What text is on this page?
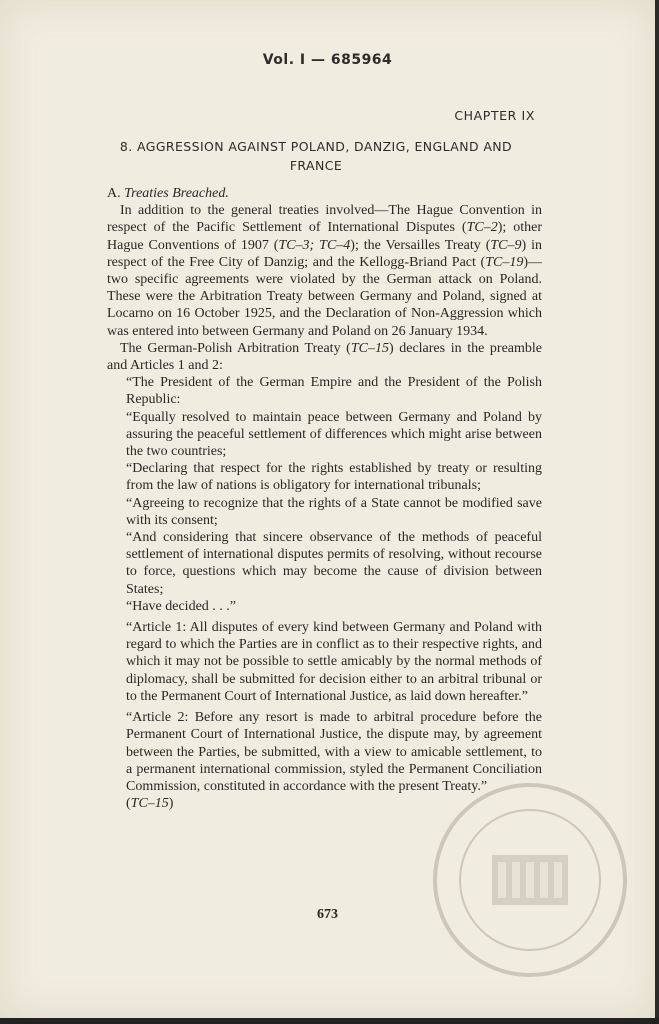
Vol. I — 685964
CHAPTER IX
8. AGGRESSION AGAINST POLAND, DANZIG, ENGLAND AND FRANCE

A. Treaties Breached.

In addition to the general treaties involved—The Hague Convention in respect of the Pacific Settlement of International Disputes (TC–2); other Hague Conventions of 1907 (TC–3; TC–4); the Versailles Treaty (TC–9) in respect of the Free City of Danzig; and the Kellogg-Briand Pact (TC–19)—two specific agreements were violated by the German attack on Poland. These were the Arbitration Treaty between Germany and Poland, signed at Locarno on 16 October 1925, and the Declaration of Non-Aggression which was entered into between Germany and Poland on 26 January 1934.

The German-Polish Arbitration Treaty (TC–15) declares in the preamble and Articles 1 and 2:

“The President of the German Empire and the President of the Polish Republic:

“Equally resolved to maintain peace between Germany and Poland by assuring the peaceful settlement of differences which might arise between the two countries;

“Declaring that respect for the rights established by treaty or resulting from the law of nations is obligatory for international tribunals;

“Agreeing to recognize that the rights of a State cannot be modified save with its consent;

“And considering that sincere observance of the methods of peaceful settlement of international disputes permits of resolving, without recourse to force, questions which may become the cause of division between States;

“Have decided . . .”

“Article 1: All disputes of every kind between Germany and Poland with regard to which the Parties are in conflict as to their respective rights, and which it may not be possible to settle amicably by the normal methods of diplomacy, shall be submitted for decision either to an arbitral tribunal or to the Permanent Court of International Justice, as laid down hereafter.”

“Article 2: Before any resort is made to arbitral procedure before the Permanent Court of International Justice, the dispute may, by agreement between the Parties, be submitted, with a view to amicable settlement, to a permanent international commission, styled the Permanent Conciliation Commission, constituted in accordance with the present Treaty.”

(TC–15)

673
